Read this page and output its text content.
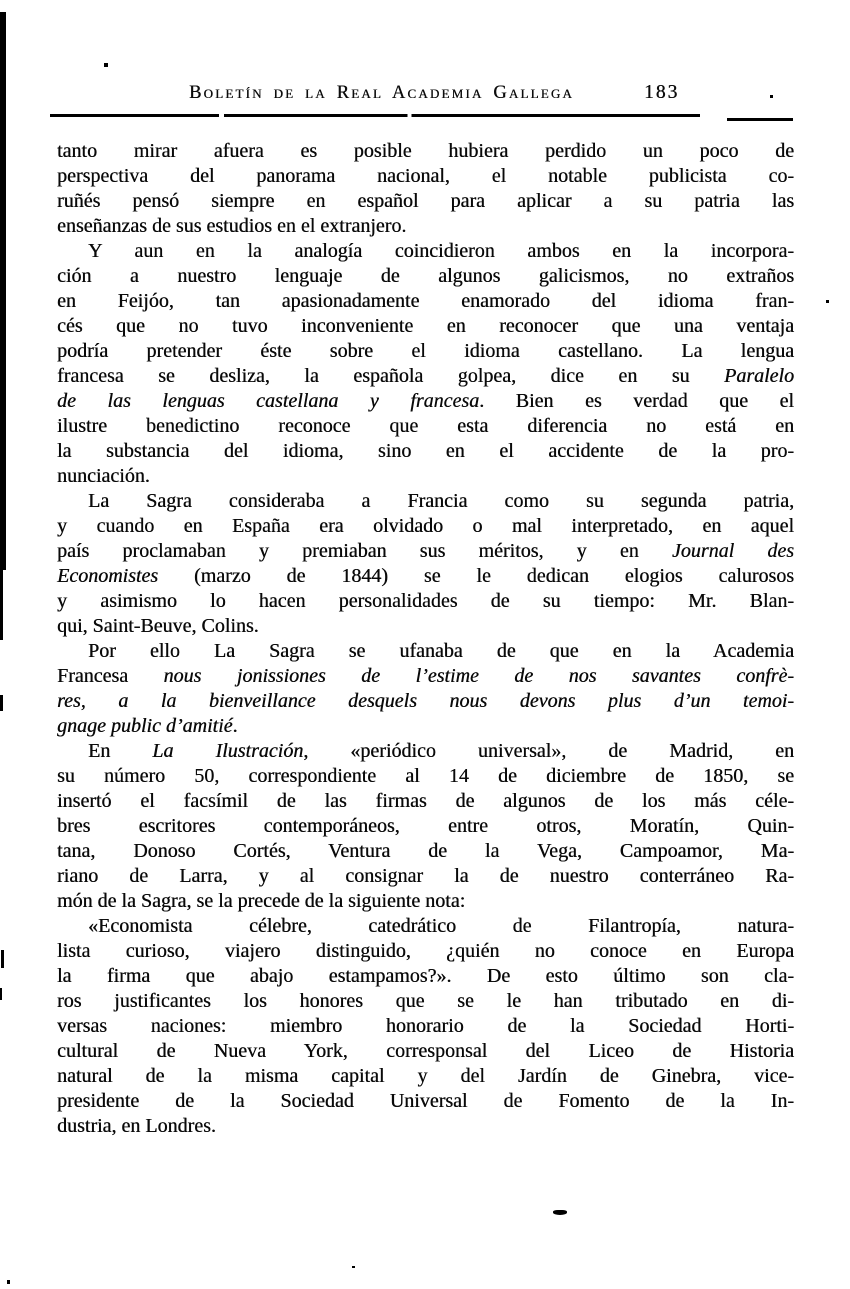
Boletín de la Real Academia Gallega	183
tanto mirar afuera es posible hubiera perdido un poco de
perspectiva del panorama nacional, el notable publicista co-
ruñés pensó siempre en español para aplicar a su patria las
enseñanzas de sus estudios en el extranjero.
Y aun en la analogía coincidieron ambos en la incorpora-
ción a nuestro lenguaje de algunos galicismos, no extraños
en Feijóo, tan apasionadamente enamorado del idioma fran-
cés que no tuvo inconveniente en reconocer que una ventaja
podría pretender éste sobre el idioma castellano. La lengua
francesa se desliza, la española golpea, dice en su Paralelo
de las lenguas castellana y francesa. Bien es verdad que el
ilustre benedictino reconoce que esta diferencia no está en
la substancia del idioma, sino en el accidente de la pro-
nunciación.
La Sagra consideraba a Francia como su segunda patria,
y cuando en España era olvidado o mal interpretado, en aquel
país proclamaban y premiaban sus méritos, y en Journal des
Economistes (marzo de 1844) se le dedican elogios calurosos
y asimismo lo hacen personalidades de su tiempo: Mr. Blan-
qui, Saint-Beuve, Colins.
Por ello La Sagra se ufanaba de que en la Academia
Francesa nous jonissiones de l’estime de nos savantes confrè-
res, a la bienveillance desquels nous devons plus d’un temoi-
gnage public d’amitié.
En La Ilustración, «periódico universal», de Madrid, en
su número 50, correspondiente al 14 de diciembre de 1850, se
insertó el facsímil de las firmas de algunos de los más céle-
bres escritores contemporáneos, entre otros, Moratín, Quin-
tana, Donoso Cortés, Ventura de la Vega, Campoamor, Ma-
riano de Larra, y al consignar la de nuestro conterráneo Ra-
món de la Sagra, se la precede de la siguiente nota:
«Economista célebre, catedrático de Filantropía, natura-
lista curioso, viajero distinguido, ¿quién no conoce en Europa
la firma que abajo estampamos?». De esto último son cla-
ros justificantes los honores que se le han tributado en di-
versas naciones: miembro honorario de la Sociedad Horti-
cultural de Nueva York, corresponsal del Liceo de Historia
natural de la misma capital y del Jardín de Ginebra, vice-
presidente de la Sociedad Universal de Fomento de la In-
dustria, en Londres.
